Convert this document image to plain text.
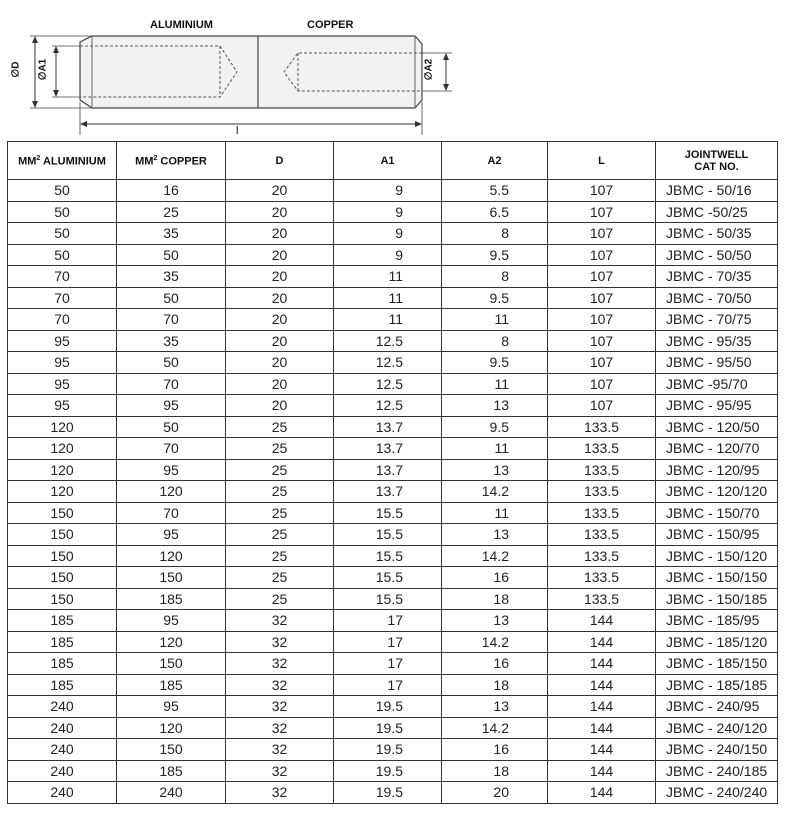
ALUMINIUM	COPPER
∅D ∅A1	∅A2
l
$MM^2$ ALUMINIUM	$MM^2$ COPPER	D	A1	A2	L	JOINTWELL
CAT NO.
50	16	20	9	5.5	107	JBMC - 50/16
50	25	20	9	6.5	107	JBMC -50/25
50	35	20	9	8	107	JBMC - 50/35
50	50	20	9	9.5	107	JBMC - 50/50
70	35	20	11	8	107	JBMC - 70/35
70	50	20	11	9.5	107	JBMC - 70/50
70	70	20	11	11	107	JBMC - 70/75
95	35	20	12.5	8	107	JBMC - 95/35
95	50	20	12.5	9.5	107	JBMC - 95/50
95	70	20	12.5	11	107	JBMC -95/70
95	95	20	12.5	13	107	JBMC - 95/95
120	50	25	13.7	9.5	133.5	JBMC - 120/50
120	70	25	13.7	11	133.5	JBMC - 120/70
120	95	25	13.7	13	133.5	JBMC - 120/95
120	120	25	13.7	14.2	133.5	JBMC - 120/120
150	70	25	15.5	11	133.5	JBMC - 150/70
150	95	25	15.5	13	133.5	JBMC - 150/95
150	120	25	15.5	14.2	133.5	JBMC - 150/120
150	150	25	15.5	16	133.5	JBMC - 150/150
150	185	25	15.5	18	133.5	JBMC - 150/185
185	95	32	17	13	144	JBMC - 185/95
185	120	32	17	14.2	144	JBMC - 185/120
185	150	32	17	16	144	JBMC - 185/150
185	185	32	17	18	144	JBMC - 185/185
240	95	32	19.5	13	144	JBMC - 240/95
240	120	32	19.5	14.2	144	JBMC - 240/120
240	150	32	19.5	16	144	JBMC - 240/150
240	185	32	19.5	18	144	JBMC - 240/185
240	240	32	19.5	20	144	JBMC - 240/240
